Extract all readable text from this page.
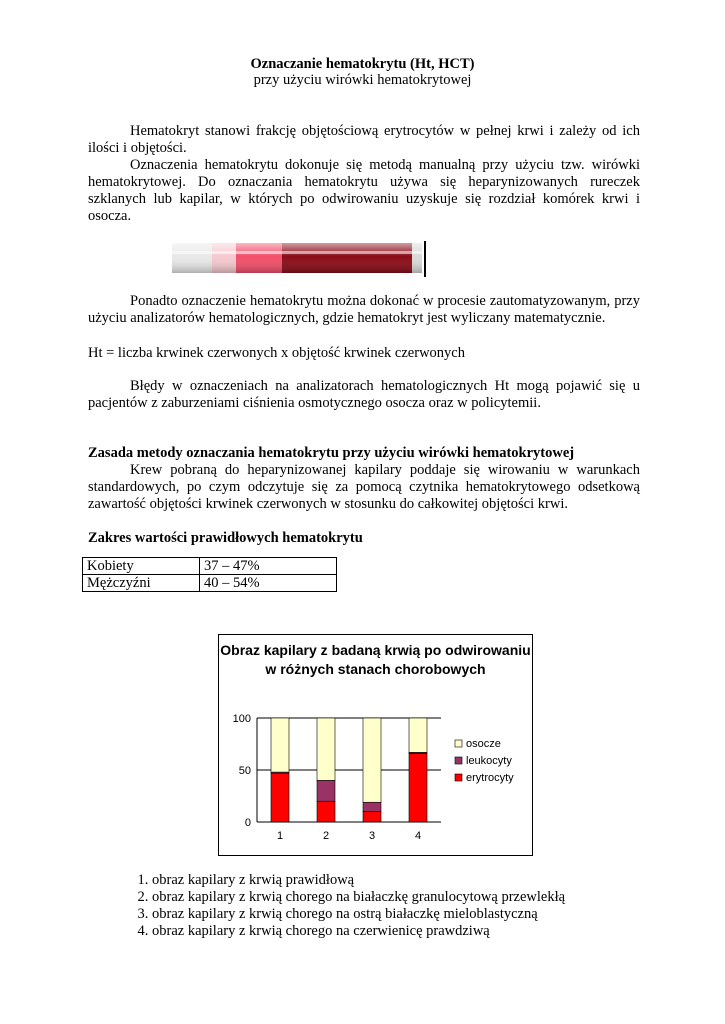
Oznaczanie hematokrytu (Ht, HCT)
przy użyciu wirówki hematokrytowej
Hematokryt stanowi frakcję objętościową erytrocytów w pełnej krwi i zależy od ich ilości i objętości.
Oznaczenia hematokrytu dokonuje się metodą manualną przy użyciu tzw. wirówki hematokrytowej. Do oznaczania hematokrytu używa się heparynizowanych rureczek szklanych lub kapilar, w których po odwirowaniu uzyskuje się rozdział komórek krwi i osocza.
Ponadto oznaczenie hematokrytu można dokonać w procesie zautomatyzowanym, przy użyciu analizatorów hematologicznych, gdzie hematokryt jest wyliczany matematycznie.
Ht = liczba krwinek czerwonych x objętość krwinek czerwonych
Błędy w oznaczeniach na analizatorach hematologicznych Ht mogą pojawić się u pacjentów z zaburzeniami ciśnienia osmotycznego osocza oraz w policytemii.
Zasada metody oznaczania hematokrytu przy użyciu wirówki hematokrytowej
Krew pobraną do heparynizowanej kapilary poddaje się wirowaniu w warunkach standardowych, po czym odczytuje się za pomocą czytnika hematokrytowego odsetkową zawartość objętości krwinek czerwonych w stosunku do całkowitej objętości krwi.
Zakres wartości prawidłowych hematokrytu
Kobiety	37 – 47%
Mężczyźni	40 – 54%
Obraz kapilary z badaną krwią po odwirowaniu w różnych stanach chorobowych
0
50
100
1	2	3	4
osocze
leukocyty
erytrocyty
1. obraz kapilary z krwią prawidłową
2. obraz kapilary z krwią chorego na białaczkę granulocytową przewlekłą
3. obraz kapilary z krwią chorego na ostrą białaczkę mieloblastyczną
4. obraz kapilary z krwią chorego na czerwienicę prawdziwą
